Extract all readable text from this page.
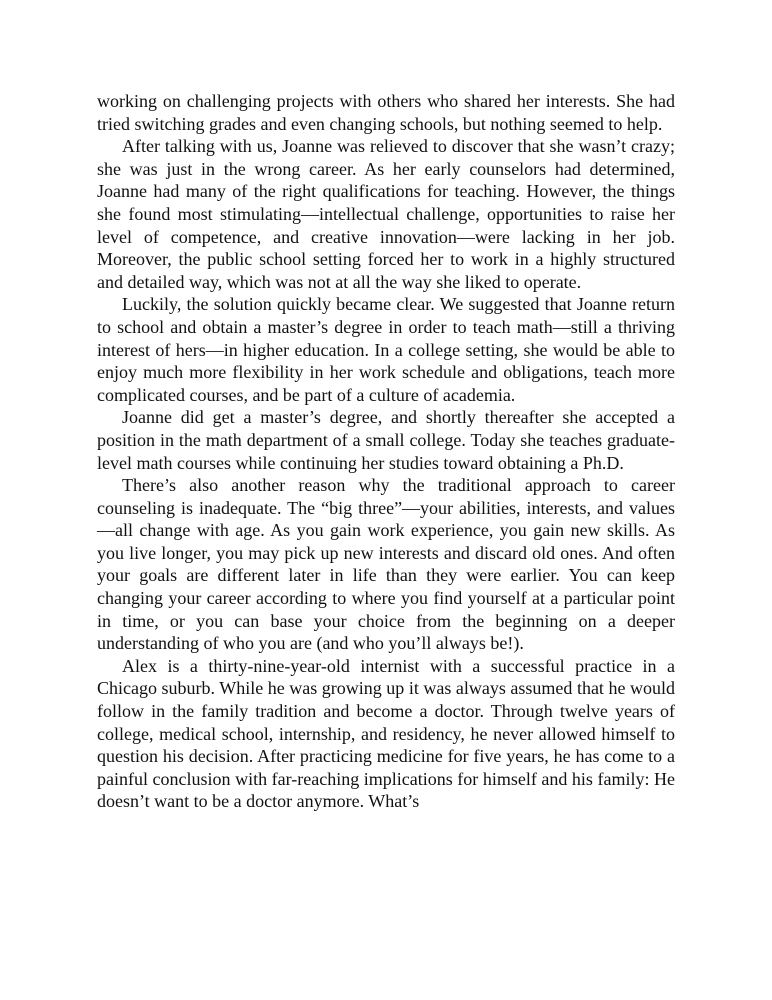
working on challenging projects with others who shared her interests. She had tried switching grades and even changing schools, but nothing seemed to help.

After talking with us, Joanne was relieved to discover that she wasn’t crazy; she was just in the wrong career. As her early counselors had determined, Joanne had many of the right qualifications for teaching. However, the things she found most stimulating—intellectual challenge, opportunities to raise her level of competence, and creative innovation—were lacking in her job. Moreover, the public school setting forced her to work in a highly structured and detailed way, which was not at all the way she liked to operate.

Luckily, the solution quickly became clear. We suggested that Joanne return to school and obtain a master’s degree in order to teach math—still a thriving interest of hers—in higher education. In a college setting, she would be able to enjoy much more flexibility in her work schedule and obligations, teach more complicated courses, and be part of a culture of academia.

Joanne did get a master’s degree, and shortly thereafter she accepted a position in the math department of a small college. Today she teaches graduate-level math courses while continuing her studies toward obtaining a Ph.D.

There’s also another reason why the traditional approach to career counseling is inadequate. The “big three”—your abilities, interests, and values—all change with age. As you gain work experience, you gain new skills. As you live longer, you may pick up new interests and discard old ones. And often your goals are different later in life than they were earlier. You can keep changing your career according to where you find yourself at a particular point in time, or you can base your choice from the beginning on a deeper understanding of who you are (and who you’ll always be!).

Alex is a thirty-nine-year-old internist with a successful practice in a Chicago suburb. While he was growing up it was always assumed that he would follow in the family tradition and become a doctor. Through twelve years of college, medical school, internship, and residency, he never allowed himself to question his decision. After practicing medicine for five years, he has come to a painful conclusion with far-reaching implications for himself and his family: He doesn’t want to be a doctor anymore. What’s
